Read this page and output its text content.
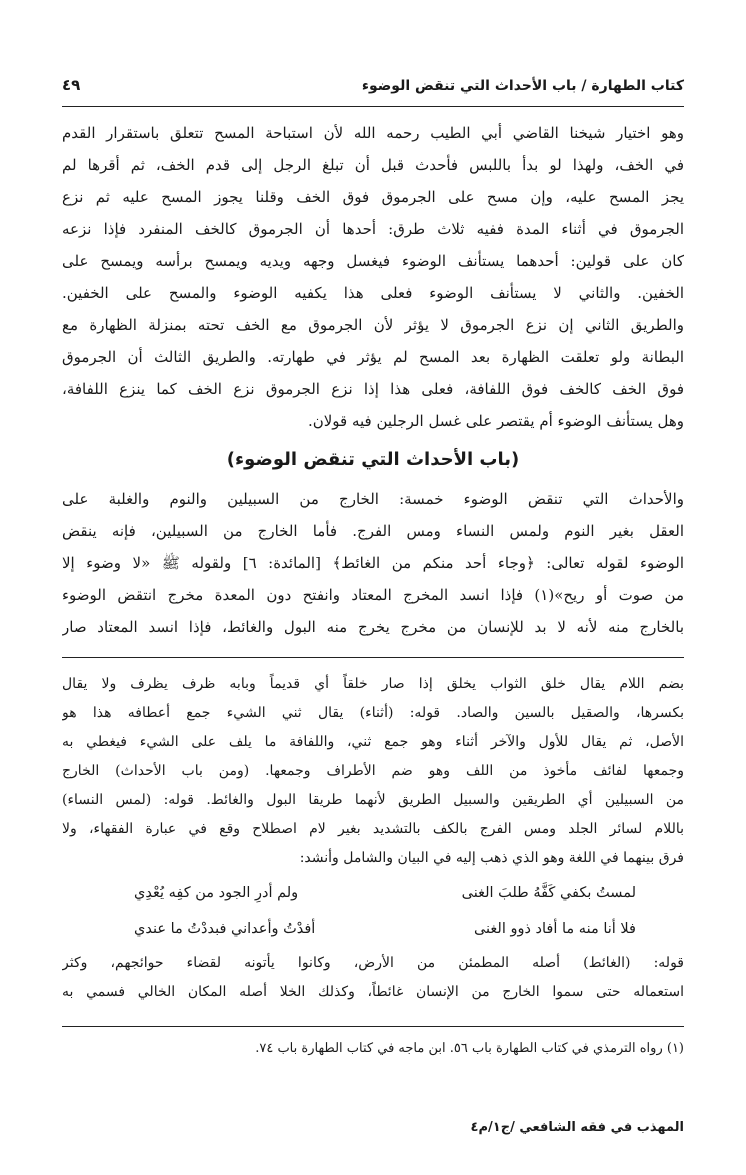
كتاب الطهارة / باب الأحداث التي تنقض الوضوء
٤٩
وهو اختيار شيخنا القاضي أبي الطيب رحمه الله لأن استباحة المسح تتعلق باستقرار القدم
في الخف، ولهذا لو بدأ باللبس فأحدث قبل أن تبلغ الرجل إلى قدم الخف، ثم أقرها لم
يجز المسح عليه، وإن مسح على الجرموق فوق الخف وقلنا يجوز المسح عليه ثم نزع
الجرموق في أثناء المدة ففيه ثلاث طرق: أحدها أن الجرموق كالخف المنفرد فإذا نزعه
كان على قولين: أحدهما يستأنف الوضوء فيغسل وجهه ويديه ويمسح برأسه ويمسح على
الخفين. والثاني لا يستأنف الوضوء فعلى هذا يكفيه الوضوء والمسح على الخفين.
والطريق الثاني إن نزع الجرموق لا يؤثر لأن الجرموق مع الخف تحته بمنزلة الظهارة مع
البطانة ولو تعلقت الظهارة بعد المسح لم يؤثر في طهارته. والطريق الثالث أن الجرموق
فوق الخف كالخف فوق اللفافة، فعلى هذا إذا نزع الجرموق نزع الخف كما ينزع اللفافة،
وهل يستأنف الوضوء أم يقتصر على غسل الرجلين فيه قولان.
(باب الأحداث التي تنقض الوضوء)
والأحداث التي تنقض الوضوء خمسة: الخارج من السبيلين والنوم والغلبة على
العقل بغير النوم ولمس النساء ومس الفرج. فأما الخارج من السبيلين، فإنه ينقض
الوضوء لقوله تعالى: ﴿وجاء أحد منكم من الغائط﴾ [المائدة: ٦] ولقوله ﷺ «لا وضوء إلا
من صوت أو ريح»(١) فإذا انسد المخرج المعتاد وانفتح دون المعدة مخرج انتقض الوضوء
بالخارج منه لأنه لا بد للإنسان من مخرج يخرج منه البول والغائط، فإذا انسد المعتاد صار
بضم اللام يقال خلق الثواب يخلق إذا صار خلقاً أي قديماً وبابه ظرف يظرف ولا يقال
بكسرها، والصقيل بالسين والصاد. قوله: (أثناء) يقال ثني الشيء جمع أعطافه هذا هو
الأصل، ثم يقال للأول والآخر أثناء وهو جمع ثني، واللفافة ما يلف على الشيء فيغطي به
وجمعها لفائف مأخوذ من اللف وهو ضم الأطراف وجمعها. (ومن باب الأحداث) الخارج
من السبيلين أي الطريقين والسبيل الطريق لأنهما طريقا البول والغائط. قوله: (لمس النساء)
باللام لسائر الجلد ومس الفرج بالكف بالتشديد بغير لام اصطلاح وقع في عبارة الفقهاء، ولا
فرق بينهما في اللغة وهو الذي ذهب إليه في البيان والشامل وأنشد:
لمستُ بكفي كَفَّهُ طلبَ الغنى
ولم أدرِ الجود من كفِه يُعْدِي
فلا أنا منه ما أفاد ذوو الغنى
أفدْتُ وأعداني فبددْتُ ما عندي
قوله: (الغائط) أصله المطمئن من الأرض، وكانوا يأتونه لقضاء حوائجهم، وكثر
استعماله حتى سموا الخارج من الإنسان غائطاً، وكذلك الخلا أصله المكان الخالي فسمي به
(١) رواه الترمذي في كتاب الطهارة باب ٥٦. ابن ماجه في كتاب الطهارة باب ٧٤.
المهذب في فقه الشافعي /ج١/م٤
